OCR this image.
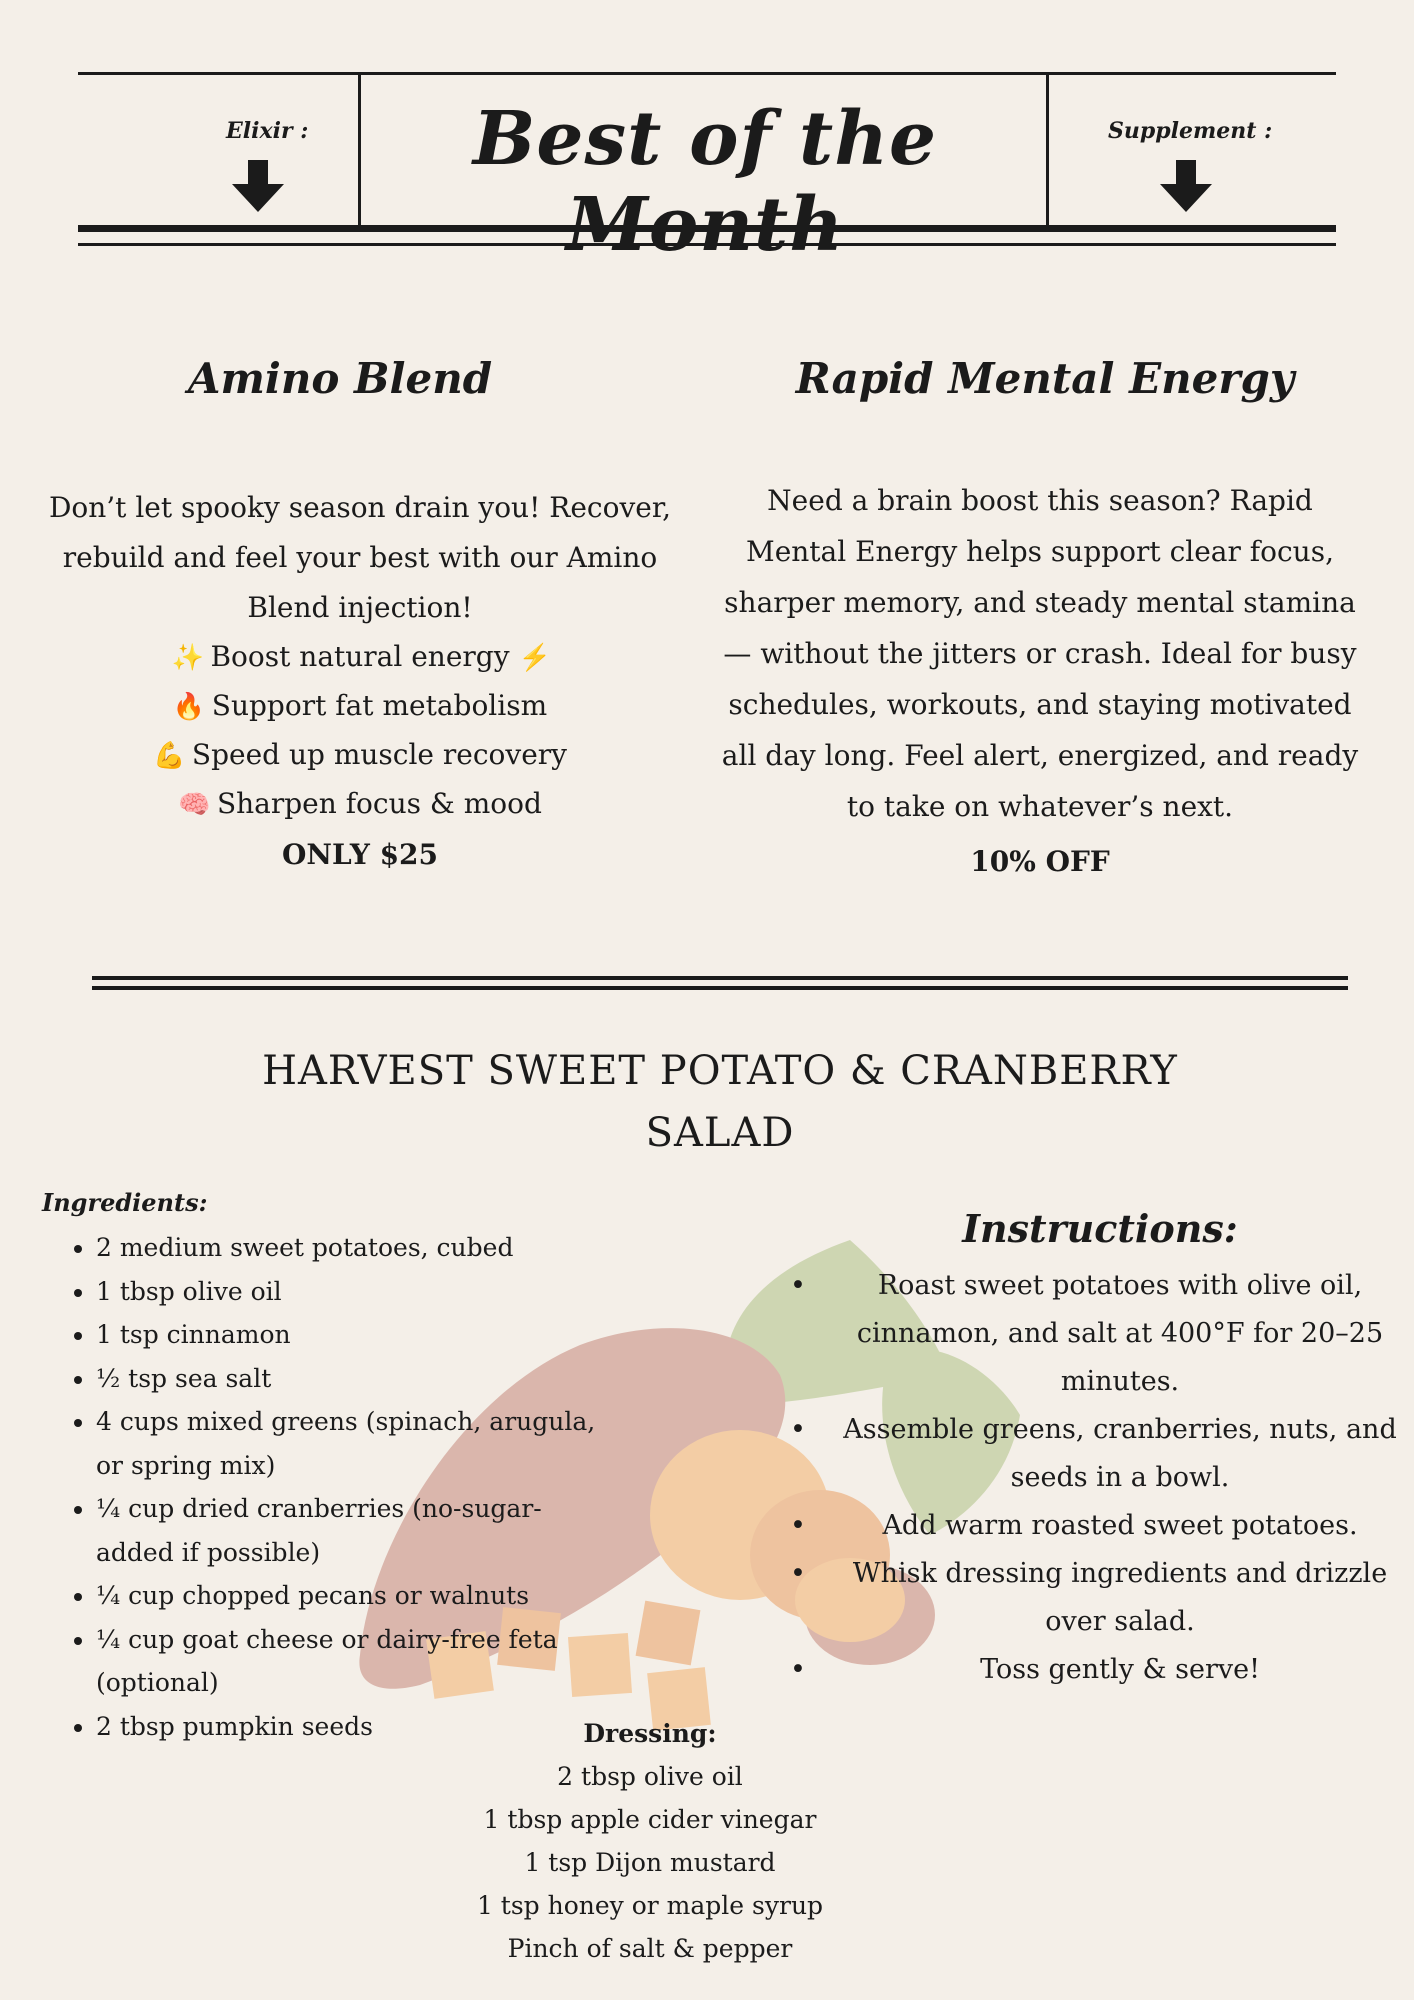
Elixir :	Supplement :
Best of the Month
Amino Blend
Don’t let spooky season drain you! Recover,
rebuild and feel your best with our Amino
Blend injection!
✨ Boost natural energy ⚡
🔥 Support fat metabolism
💪 Speed up muscle recovery
🧠 Sharpen focus & mood
ONLY $25
Rapid Mental Energy
Need a brain boost this season? Rapid
Mental Energy helps support clear focus,
sharper memory, and steady mental stamina
— without the jitters or crash. Ideal for busy
schedules, workouts, and staying motivated
all day long. Feel alert, energized, and ready
to take on whatever’s next.
10% OFF
HARVEST SWEET POTATO & CRANBERRY
SALAD
Ingredients:
• 2 medium sweet potatoes, cubed
• 1 tbsp olive oil
• 1 tsp cinnamon
• ½ tsp sea salt
• 4 cups mixed greens (spinach, arugula, or spring mix)
• ¼ cup dried cranberries (no-sugar-added if possible)
• ¼ cup chopped pecans or walnuts
• ¼ cup goat cheese or dairy-free feta (optional)
• 2 tbsp pumpkin seeds
Instructions:
•	Roast sweet potatoes with olive oil, cinnamon, and salt at 400°F for 20–25 minutes.
• Assemble greens, cranberries, nuts, and seeds in a bowl.
•	Add warm roasted sweet potatoes.
• Whisk dressing ingredients and drizzle over salad.
•	Toss gently & serve!
Dressing:
2 tbsp olive oil
1 tbsp apple cider vinegar
1 tsp Dijon mustard
1 tsp honey or maple syrup
Pinch of salt & pepper
